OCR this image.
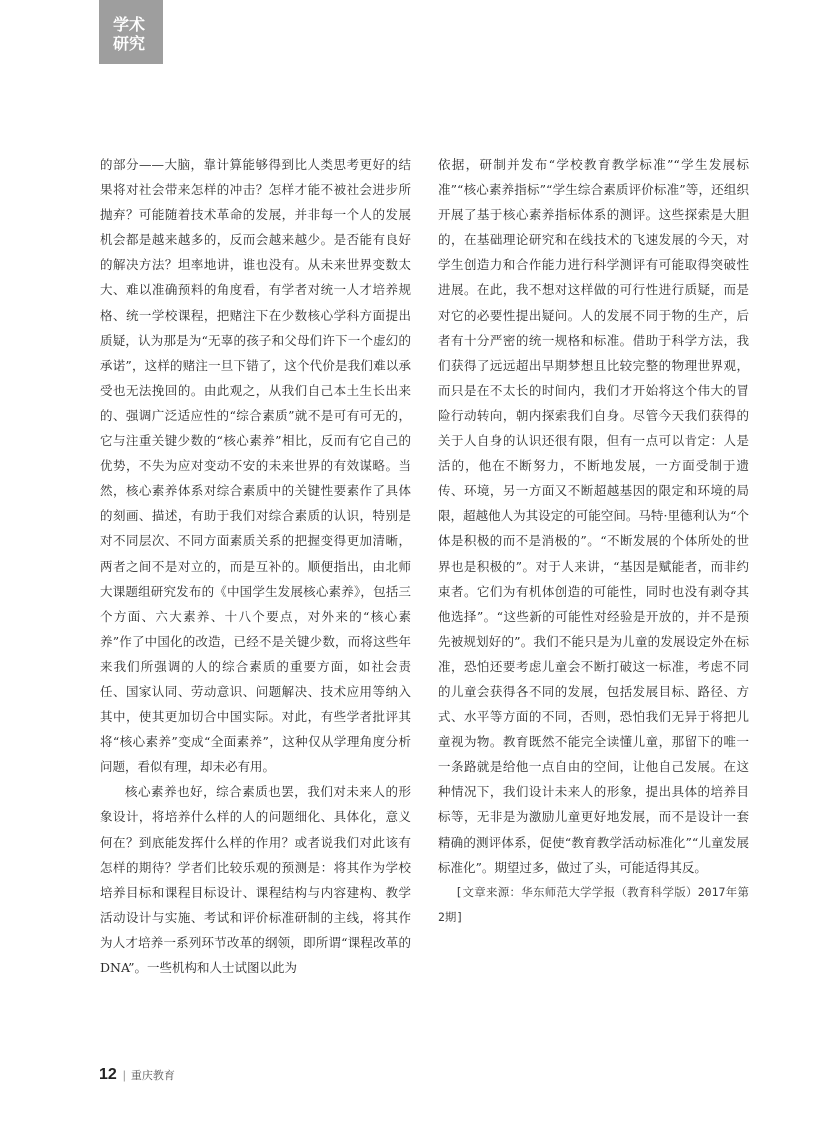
学术
研究

的部分——大脑，靠计算能够得到比人类思考更好的结果将对社会带来怎样的冲击？怎样才能不被社会进步所抛弃？可能随着技术革命的发展，并非每一个人的发展机会都是越来越多的，反而会越来越少。是否能有良好的解决方法？坦率地讲，谁也没有。从未来世界变数太大、难以准确预料的角度看，有学者对统一人才培养规格、统一学校课程，把赌注下在少数核心学科方面提出质疑，认为那是为“无辜的孩子和父母们许下一个虚幻的承诺”，这样的赌注一旦下错了，这个代价是我们难以承受也无法挽回的。由此观之，从我们自己本土生长出来的、强调广泛适应性的“综合素质”就不是可有可无的，它与注重关键少数的“核心素养”相比，反而有它自己的优势，不失为应对变动不安的未来世界的有效谋略。当然，核心素养体系对综合素质中的关键性要素作了具体的刻画、描述，有助于我们对综合素质的认识，特别是对不同层次、不同方面素质关系的把握变得更加清晰，两者之间不是对立的，而是互补的。顺便指出，由北师大课题组研究发布的《中国学生发展核心素养》，包括三个方面、六大素养、十八个要点，对外来的“核心素养”作了中国化的改造，已经不是关键少数，而将这些年来我们所强调的人的综合素质的重要方面，如社会责任、国家认同、劳动意识、问题解决、技术应用等纳入其中，使其更加切合中国实际。对此，有些学者批评其将“核心素养”变成“全面素养”，这种仅从学理角度分析问题，看似有理，却未必有用。

核心素养也好，综合素质也罢，我们对未来人的形象设计，将培养什么样的人的问题细化、具体化，意义何在？到底能发挥什么样的作用？或者说我们对此该有怎样的期待？学者们比较乐观的预测是：将其作为学校培养目标和课程目标设计、课程结构与内容建构、教学活动设计与实施、考试和评价标准研制的主线，将其作为人才培养一系列环节改革的纲领，即所谓“课程改革的DNA”。一些机构和人士试图以此为

依据，研制并发布“学校教育教学标准”“学生发展标准”“核心素养指标”“学生综合素质评价标准”等，还组织开展了基于核心素养指标体系的测评。这些探索是大胆的，在基础理论研究和在线技术的飞速发展的今天，对学生创造力和合作能力进行科学测评有可能取得突破性进展。在此，我不想对这样做的可行性进行质疑，而是对它的必要性提出疑问。人的发展不同于物的生产，后者有十分严密的统一规格和标准。借助于科学方法，我们获得了远远超出早期梦想且比较完整的物理世界观，而只是在不太长的时间内，我们才开始将这个伟大的冒险行动转向，朝内探索我们自身。尽管今天我们获得的关于人自身的认识还很有限，但有一点可以肯定：人是活的，他在不断努力，不断地发展，一方面受制于遗传、环境，另一方面又不断超越基因的限定和环境的局限，超越他人为其设定的可能空间。马特·里德利认为“个体是积极的而不是消极的”。“不断发展的个体所处的世界也是积极的”。对于人来讲，“基因是赋能者，而非约束者。它们为有机体创造的可能性，同时也没有剥夺其他选择”。“这些新的可能性对经验是开放的，并不是预先被规划好的”。我们不能只是为儿童的发展设定外在标准，恐怕还要考虑儿童会不断打破这一标准，考虑不同的儿童会获得各不同的发展，包括发展目标、路径、方式、水平等方面的不同，否则，恐怕我们无异于将把儿童视为物。教育既然不能完全读懂儿童，那留下的唯一一条路就是给他一点自由的空间，让他自己发展。在这种情况下，我们设计未来人的形象，提出具体的培养目标等，无非是为激励儿童更好地发展，而不是设计一套精确的测评体系，促使“教育教学活动标准化”“儿童发展标准化”。期望过多，做过了头，可能适得其反。

[文章来源：华东师范大学学报（教育科学版）2017年第2期]

12 | 重庆教育
